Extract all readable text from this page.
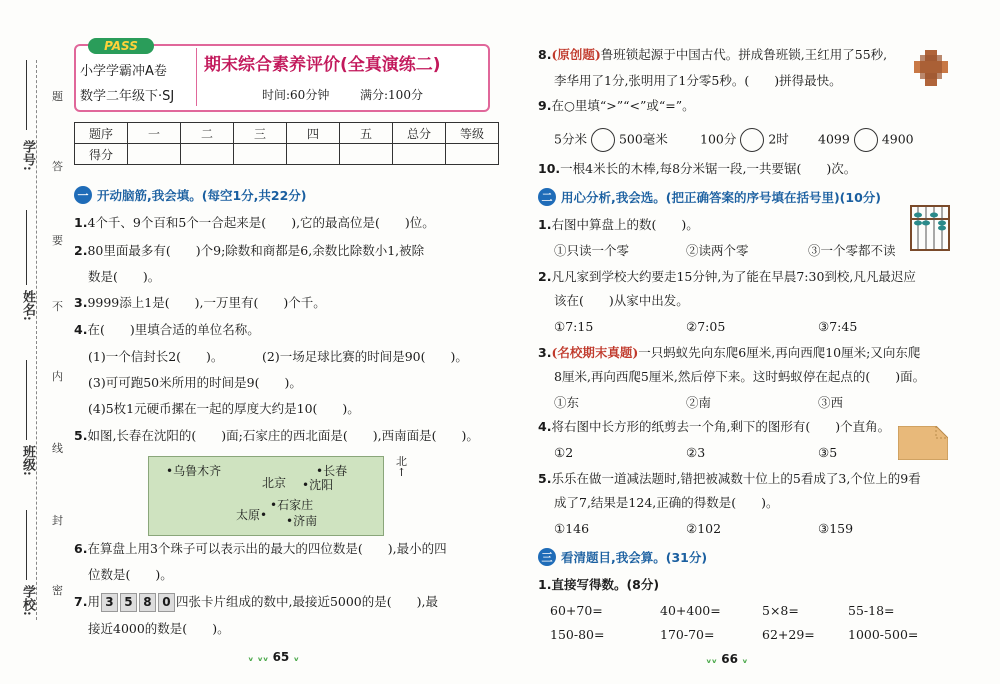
学号:
姓名:
班级:
学校:
题
答
要
不
内
线
封
密
PASS
小学学霸冲A卷
数学二年级下·SJ
期末综合素养评价(全真演练二)
时间:60分钟	满分:100分
题序	一	二	三	四	五	总分	等级
得分							
一 开动脑筋,我会填。(每空1分,共22分)
1.4个千、9个百和5个一合起来是(　　),它的最高位是(　　)位。
2.80里面最多有(　　)个9;除数和商都是6,余数比除数小1,被除
数是(　　)。
3.9999添上1是(　　),一万里有(　　)个千。
4.在(　　)里填合适的单位名称。
(1)一个信封长2(　　)。	(2)一场足球比赛的时间是90(　　)。
(3)可可跑50米所用的时间是9(　　)。
(4)5枚1元硬币摞在一起的厚度大约是10(　　)。
5.如图,长春在沈阳的(　　)面;石家庄的西北面是(　　),西南面是(　　)。
•乌鲁木齐
北京
•长春
•沈阳
•石家庄
太原• •济南
北
↑
6.在算盘上用3个珠子可以表示出的最大的四位数是(　　),最小的四
位数是(　　)。
7.用 3 5 8 0 四张卡片组成的数中,最接近5000的是(　　),最
接近4000的数是(　　)。
ᵥ ᵥᵥ 65 ᵥ
8.(原创题)鲁班锁起源于中国古代。拼成鲁班锁,王红用了55秒,
李华用了1分,张明用了1分零5秒。(　　)拼得最快。
9.在○里填“>”“<”或“=”。
5分米	500毫米	100分	2时 4099	4900
10.一根4米长的木棒,每8分米锯一段,一共要锯(　　)次。
二 用心分析,我会选。(把正确答案的序号填在括号里)(10分)
1.右图中算盘上的数(　　)。
①只读一个零	②读两个零	③一个零都不读
2.凡凡家到学校大约要走15分钟,为了能在早晨7:30到校,凡凡最迟应
该在(　　)从家中出发。
①7:15	②7:05	③7:45
3.(名校期末真题)一只蚂蚁先向东爬6厘米,再向西爬10厘米;又向东爬
8厘米,再向西爬5厘米,然后停下来。这时蚂蚁停在起点的(　　)面。
①东	②南	③西
4.将右图中长方形的纸剪去一个角,剩下的图形有(　　)个直角。
①2	②3	③5
5.乐乐在做一道减法题时,错把被减数十位上的5看成了3,个位上的9看
成了7,结果是124,正确的得数是(　　)。
①146	②102	③159
三 看清题目,我会算。(31分)
1.直接写得数。(8分)
60+70=	40+400=	5×8=	55-18=
150-80=	170-70=	62+29=	1000-500=
ᵥᵥ 66 ᵥ
